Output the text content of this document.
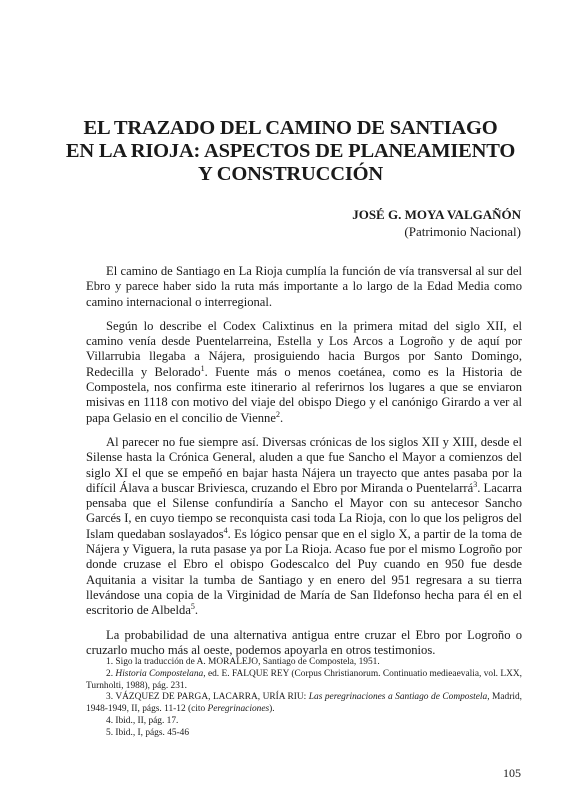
EL TRAZADO DEL CAMINO DE SANTIAGO
EN LA RIOJA: ASPECTOS DE PLANEAMIENTO
Y CONSTRUCCIÓN
JOSÉ G. MOYA VALGAÑÓN
(Patrimonio Nacional)

El camino de Santiago en La Rioja cumplía la función de vía transversal al sur del Ebro y parece haber sido la ruta más importante a lo largo de la Edad Media como camino internacional o interregional.

Según lo describe el Codex Calixtinus en la primera mitad del siglo XII, el camino venía desde Puentelarreina, Estella y Los Arcos a Logroño y de aquí por Villarrubia llegaba a Nájera, prosiguiendo hacia Burgos por Santo Domingo, Redecilla y Belorado$^1$. Fuente más o menos coetánea, como es la Historia de Compostela, nos confirma este itinerario al referirnos los lugares a que se enviaron misivas en 1118 con motivo del viaje del obispo Diego y el canónigo Girardo a ver al papa Gelasio en el concilio de Vienne$^2$.

Al parecer no fue siempre así. Diversas crónicas de los siglos XII y XIII, desde el Silense hasta la Crónica General, aluden a que fue Sancho el Mayor a comienzos del siglo XI el que se empeñó en bajar hasta Nájera un trayecto que antes pasaba por la difícil Álava a buscar Briviesca, cruzando el Ebro por Miranda o Puentelarrá$^3$. Lacarra pensaba que el Silense confundiría a Sancho el Mayor con su antecesor Sancho Garcés I, en cuyo tiempo se reconquista casi toda La Rioja, con lo que los peligros del Islam quedaban soslayados$^4$. Es lógico pensar que en el siglo X, a partir de la toma de Nájera y Viguera, la ruta pasase ya por La Rioja. Acaso fue por el mismo Logroño por donde cruzase el Ebro el obispo Godescalco del Puy cuando en 950 fue desde Aquitania a visitar la tumba de Santiago y en enero del 951 regresara a su tierra llevándose una copia de la Virginidad de María de San Ildefonso hecha para él en el escritorio de Albelda$^5$.

La probabilidad de una alternativa antigua entre cruzar el Ebro por Logroño o cruzarlo mucho más al oeste, podemos apoyarla en otros testimonios.

1. Sigo la traducción de A. MORALEJO, Santiago de Compostela, 1951.

2. Historia Compostelana, ed. E. FALQUE REY (Corpus Christianorum. Continuatio medieaevalia, vol. LXX, Turnholti, 1988), pág. 231.

3. VÁZQUEZ DE PARGA, LACARRA, URÍA RIU: Las peregrinaciones a Santiago de Compostela, Madrid, 1948-1949, II, págs. 11-12 (cito Peregrinaciones).

4. Ibid., II, pág. 17.

5. Ibid., I, págs. 45-46

105
